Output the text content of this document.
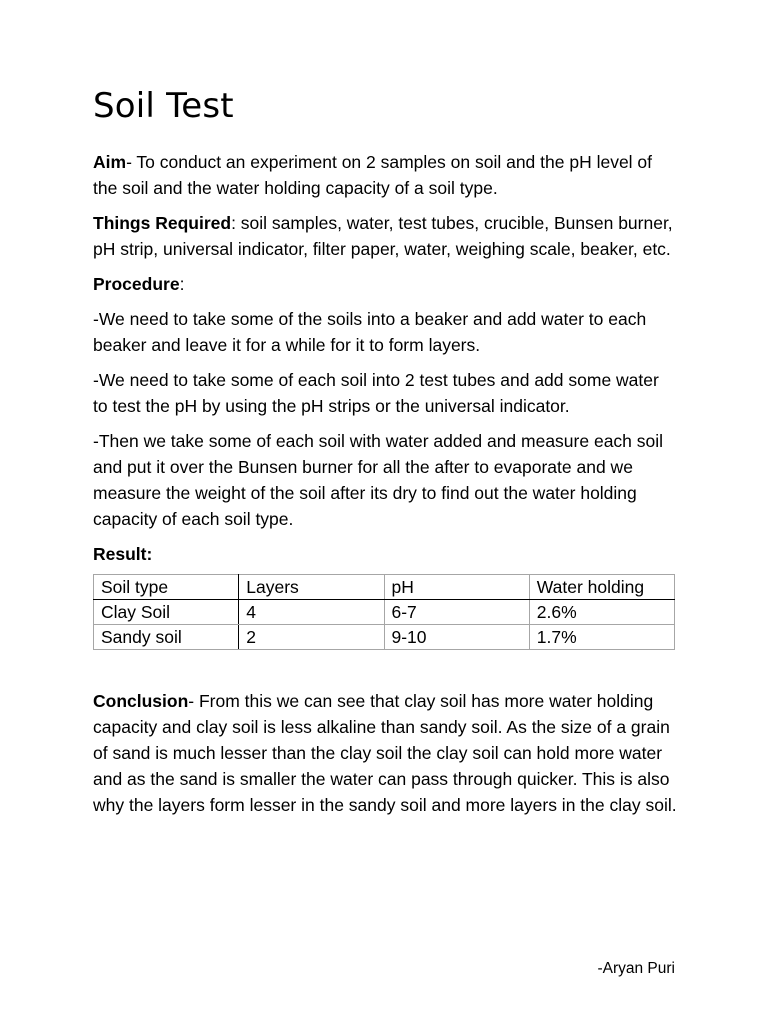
Soil Test

Aim- To conduct an experiment on 2 samples on soil and the pH level of the soil and the water holding capacity of a soil type.

Things Required: soil samples, water, test tubes, crucible, Bunsen burner, pH strip, universal indicator, filter paper, water, weighing scale, beaker, etc.

Procedure:

-We need to take some of the soils into a beaker and add water to each beaker and leave it for a while for it to form layers.

-We need to take some of each soil into 2 test tubes and add some water to test the pH by using the pH strips or the universal indicator.

-Then we take some of each soil with water added and measure each soil and put it over the Bunsen burner for all the after to evaporate and we measure the weight of the soil after its dry to find out the water holding capacity of each soil type.

Result:

Soil type	Layers	pH	Water holding
Clay Soil	4	6-7	2.6%
Sandy soil	2	9-10	1.7%

Conclusion- From this we can see that clay soil has more water holding capacity and clay soil is less alkaline than sandy soil. As the size of a grain of sand is much lesser than the clay soil the clay soil can hold more water and as the sand is smaller the water can pass through quicker. This is also why the layers form lesser in the sandy soil and more layers in the clay soil.

-Aryan Puri
